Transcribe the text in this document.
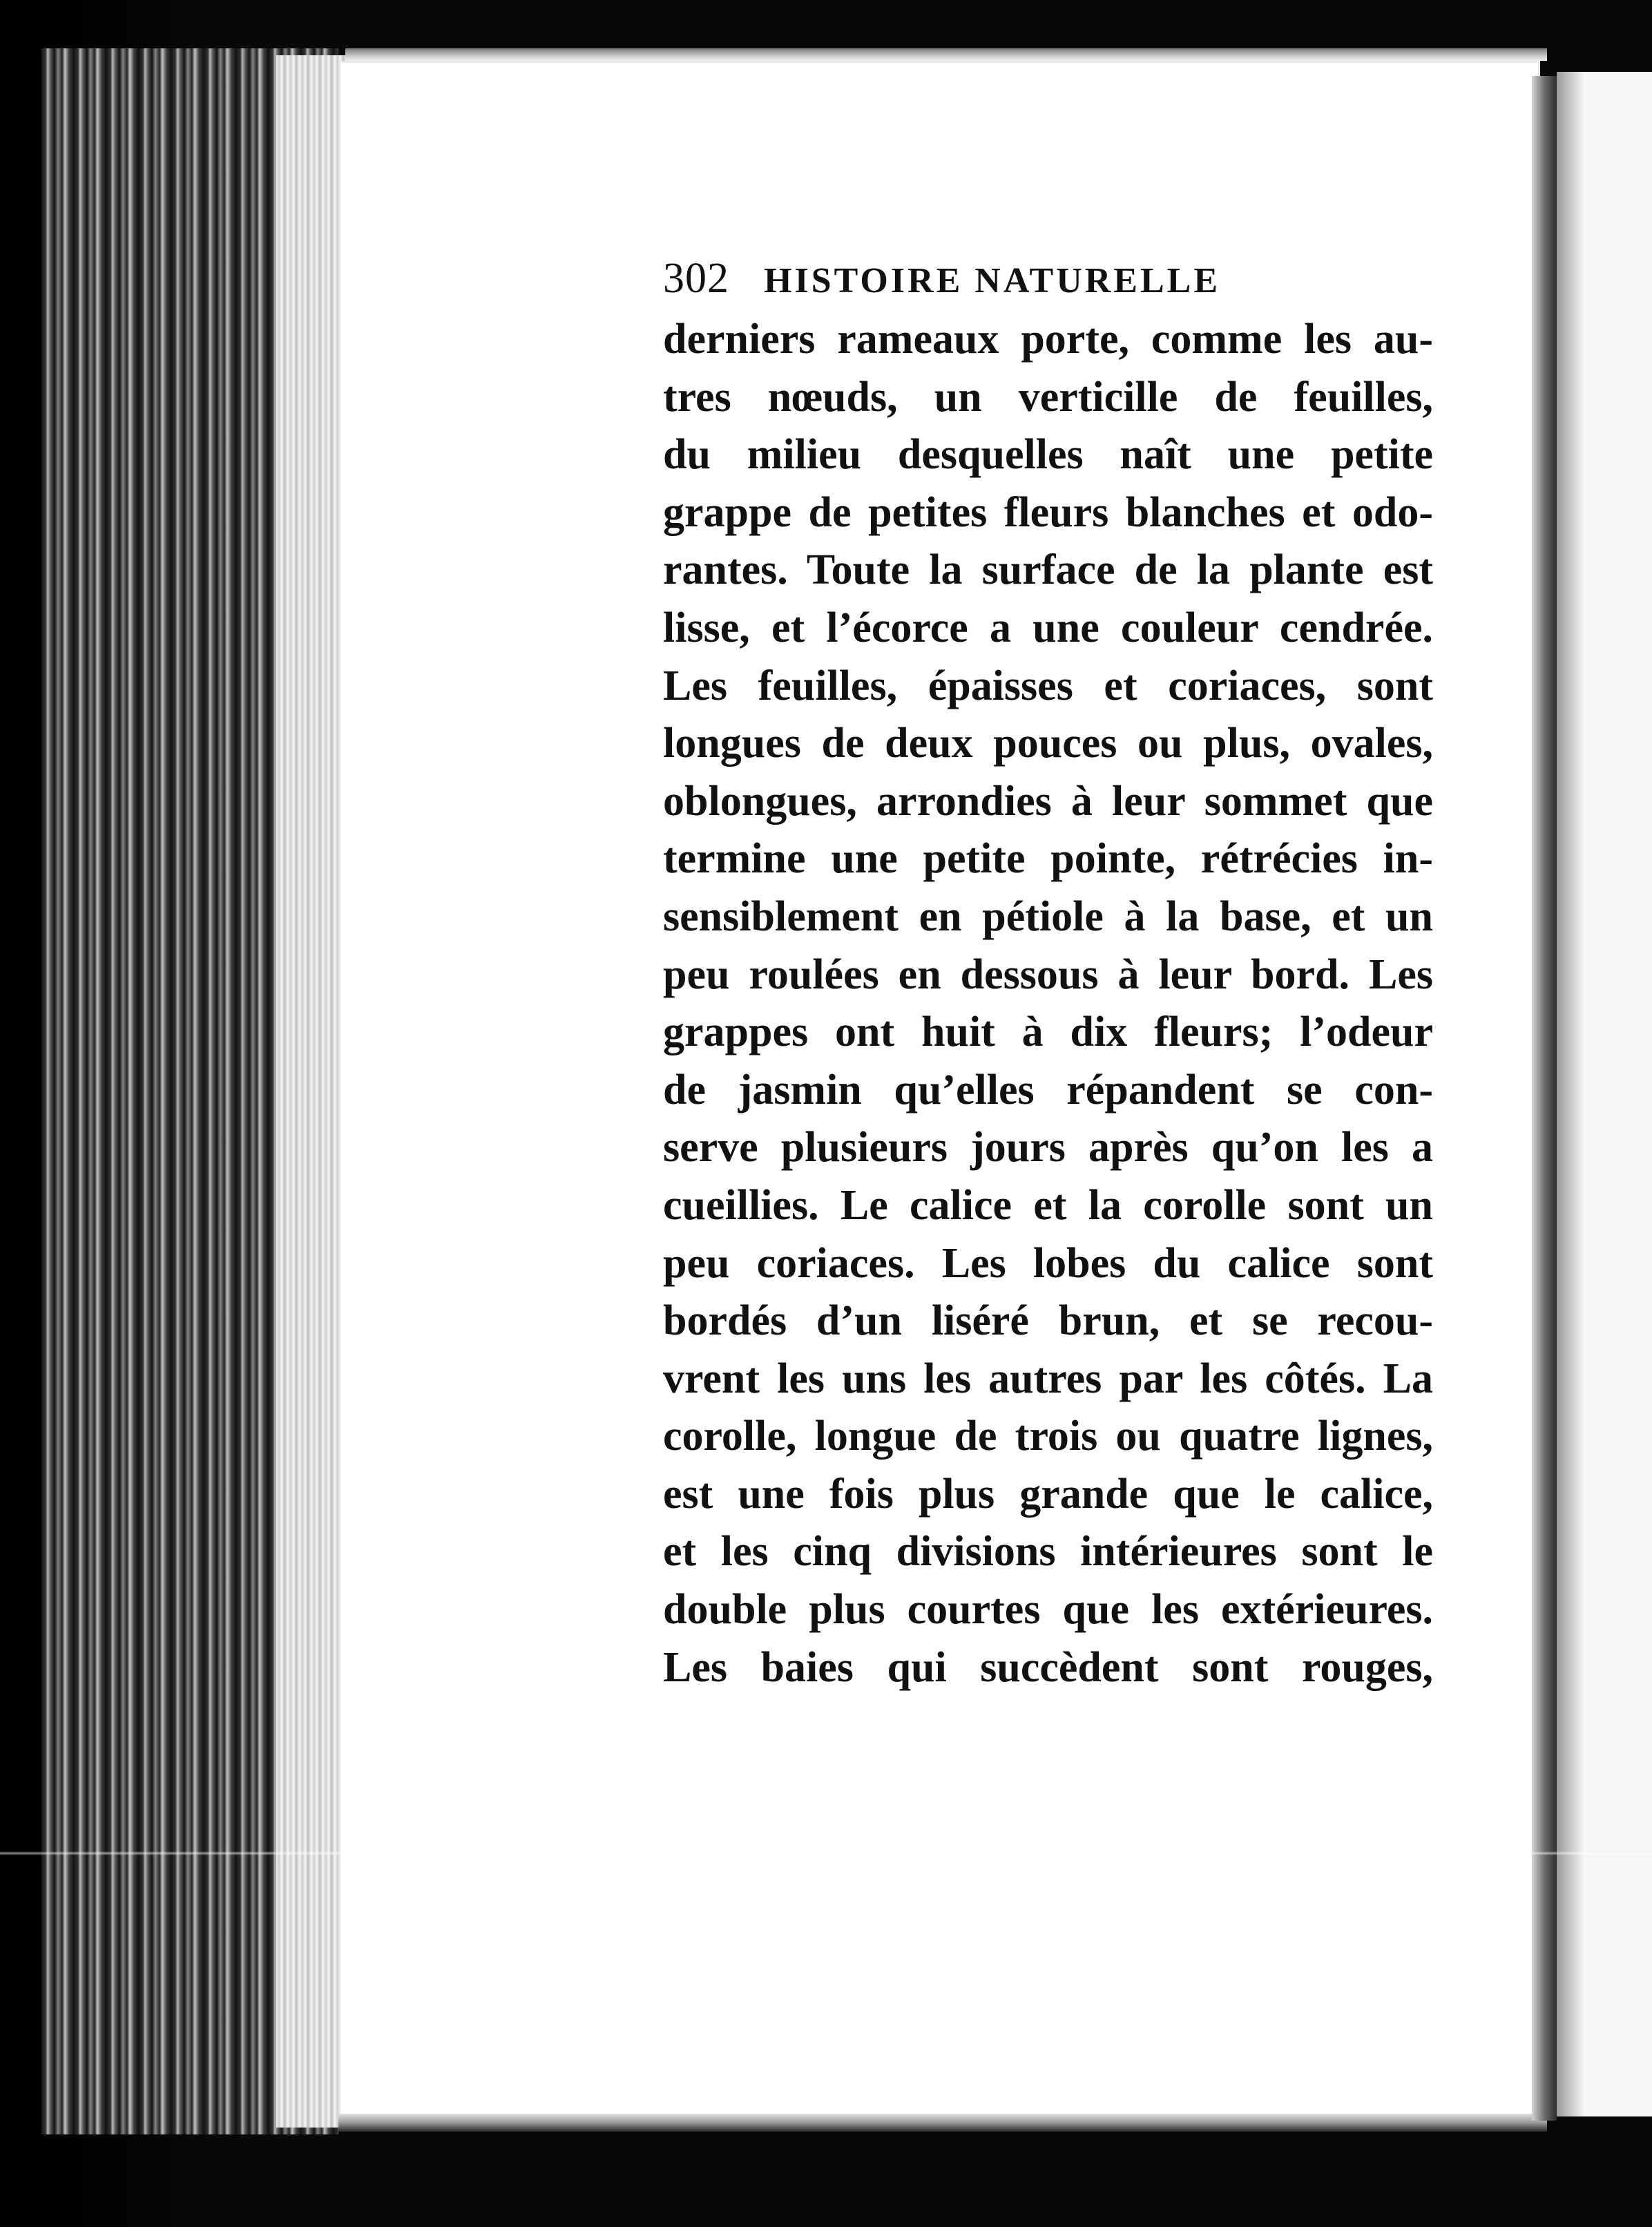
302 HISTOIRE NATURELLE
derniers rameaux porte, comme les au-
tres nœuds, un verticille de feuilles,
du milieu desquelles naît une petite
grappe de petites fleurs blanches et odo-
rantes. Toute la surface de la plante est
lisse, et l’écorce a une couleur cendrée.
Les feuilles, épaisses et coriaces, sont
longues de deux pouces ou plus, ovales,
oblongues, arrondies à leur sommet que
termine une petite pointe, rétrécies in-
sensiblement en pétiole à la base, et un
peu roulées en dessous à leur bord. Les
grappes ont huit à dix fleurs; l’odeur
de jasmin qu’elles répandent se con-
serve plusieurs jours après qu’on les a
cueillies. Le calice et la corolle sont un
peu coriaces. Les lobes du calice sont
bordés d’un liséré brun, et se recou-
vrent les uns les autres par les côtés. La
corolle, longue de trois ou quatre lignes,
est une fois plus grande que le calice,
et les cinq divisions intérieures sont le
double plus courtes que les extérieures.
Les baies qui succèdent sont rouges,
